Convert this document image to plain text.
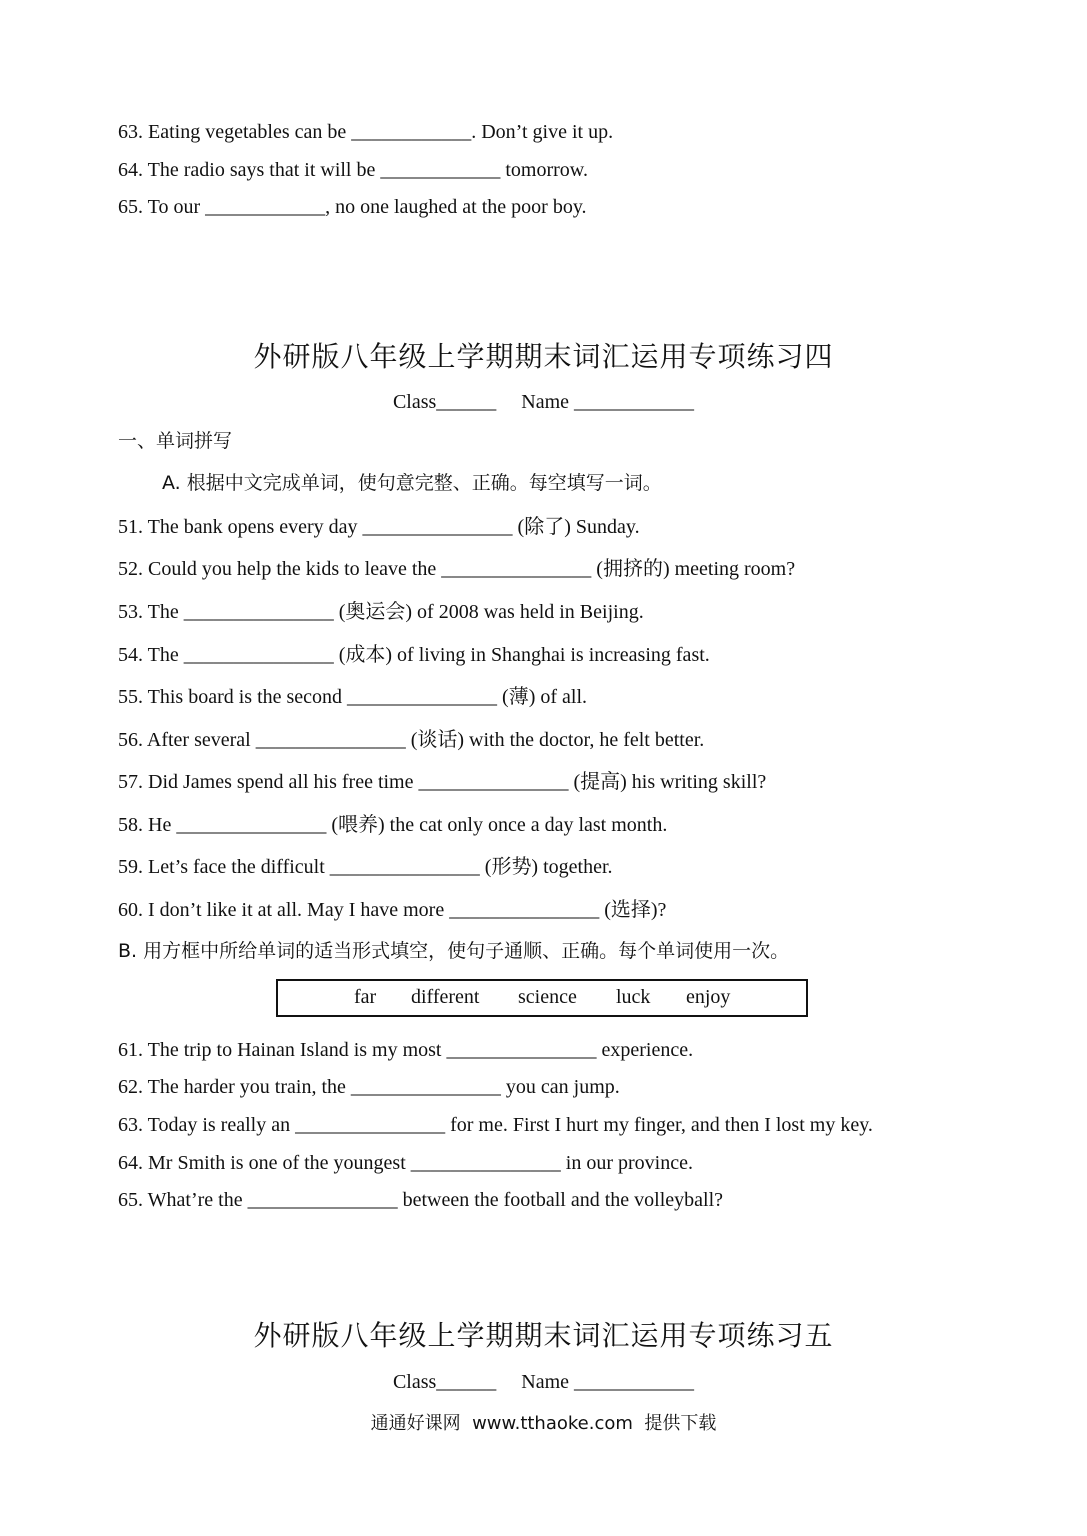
63. Eating vegetables can be ____________. Don’t give it up.
64. The radio says that it will be ____________ tomorrow.
65. To our ____________, no one laughed at the poor boy.
外研版八年级上学期期末词汇运用专项练习四
Class______     Name ____________
一、单词拼写
A. 根据中文完成单词，使句意完整、正确。每空填写一词。
51. The bank opens every day _______________ (除了) Sunday.
52. Could you help the kids to leave the _______________ (拥挤的) meeting room?
53. The _______________ (奥运会) of 2008 was held in Beijing.
54. The _______________ (成本) of living in Shanghai is increasing fast.
55. This board is the second _______________ (薄) of all.
56. After several _______________ (谈话) with the doctor, he felt better.
57. Did James spend all his free time _______________ (提高) his writing skill?
58. He _______________ (喂养) the cat only once a day last month.
59. Let’s face the difficult _______________ (形势) together.
60. I don’t like it at all. May I have more _______________ (选择)?
B. 用方框中所给单词的适当形式填空，使句子通顺、正确。每个单词使用一次。
far different science luck enjoy
61. The trip to Hainan Island is my most _______________ experience.
62. The harder you train, the _______________ you can jump.
63. Today is really an _______________ for me. First I hurt my finger, and then I lost my key.
64. Mr Smith is one of the youngest _______________ in our province.
65. What’re the _______________ between the football and the volleyball?
外研版八年级上学期期末词汇运用专项练习五
Class______     Name ____________
通通好课网  www.tthaoke.com  提供下载
